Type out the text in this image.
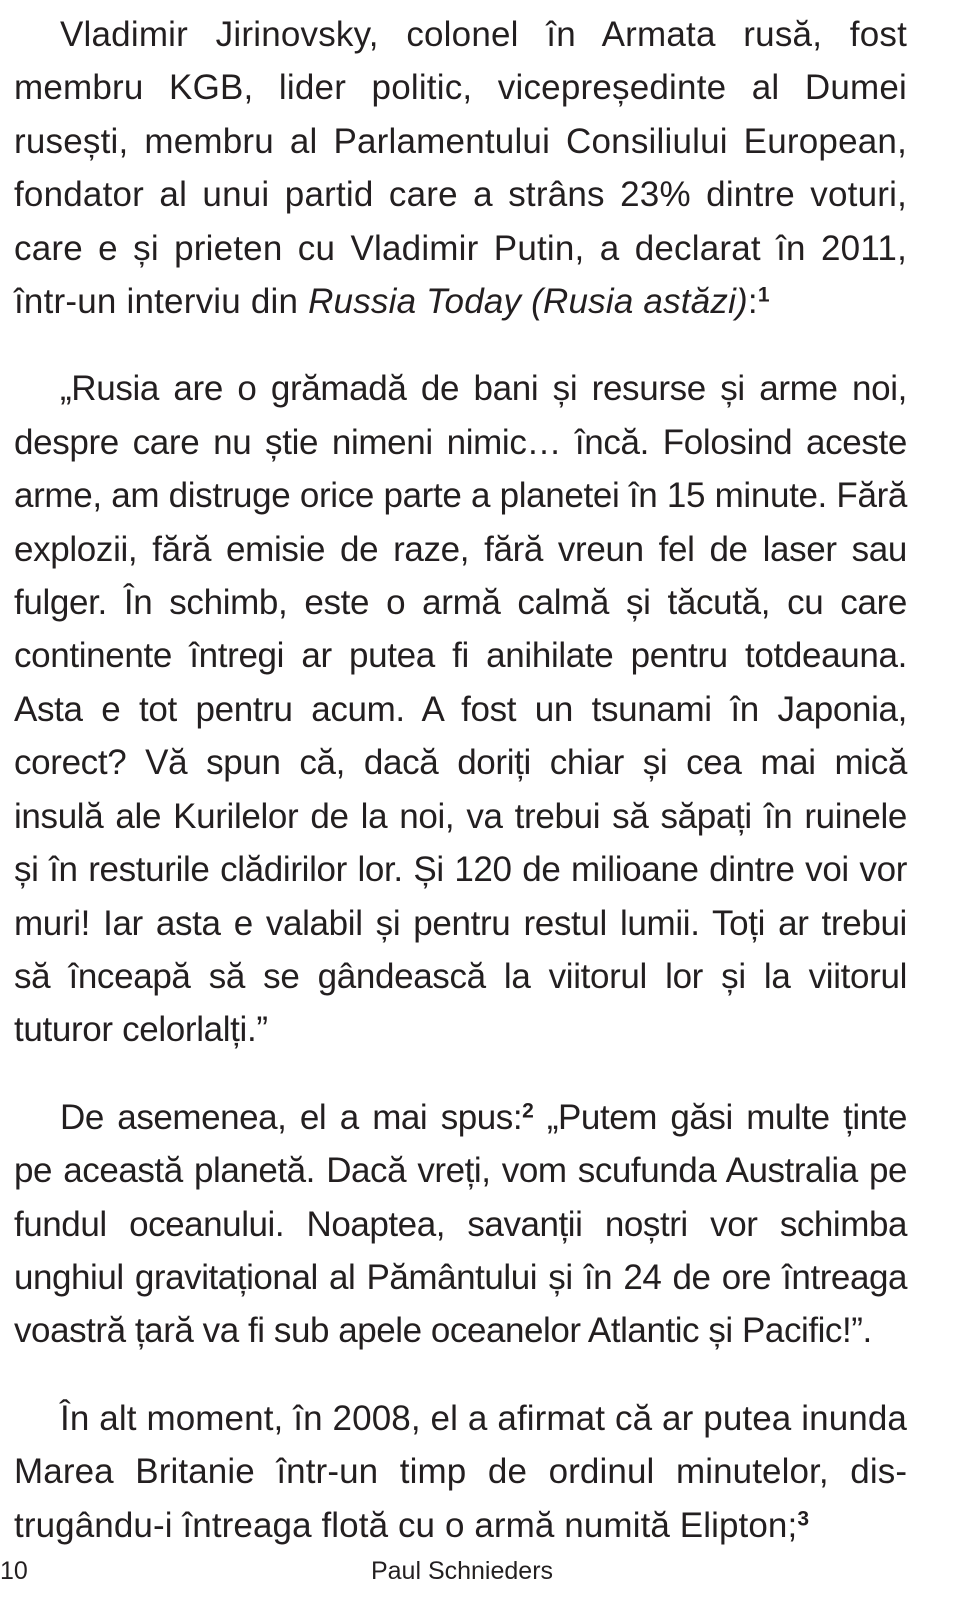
Vladimir Jirinovsky, colonel în Armata rusă, fost membru KGB, lider politic, vicepreședinte al Dumei rusești, membru al Parlamentului Consiliului European, fondator al unui partid care a strâns 23% dintre voturi, care e și prieten cu Vladimir Putin, a declarat în 2011, într-un interviu din Russia Today (Rusia astăzi):$^1$

„Rusia are o grămadă de bani și resurse și arme noi, despre care nu știe nimeni nimic… încă. Folosind aceste arme, am distruge orice parte a planetei în 15 minute. Fără explozii, fără emisie de raze, fără vreun fel de laser sau fulger. În schimb, este o armă calmă și tăcută, cu care continente întregi ar putea fi anihilate pentru totdeauna. Asta e tot pentru acum. A fost un tsunami în Japonia, corect? Vă spun că, dacă doriți chiar și cea mai mică insulă ale Kurilelor de la noi, va trebui să săpați în ruinele și în resturile clădirilor lor. Și 120 de milioane dintre voi vor muri! Iar asta e valabil și pentru restul lumii. Toți ar trebui să înceapă să se gândească la viitorul lor și la viitorul tuturor celorlalți.”

De asemenea, el a mai spus:$^2$ „Putem găsi multe ținte pe această planetă. Dacă vreți, vom scufunda Australia pe fundul oceanului. Noaptea, savanții noștri vor schimba unghiul gravitațional al Pământului și în 24 de ore întreaga voastră țară va fi sub apele oceanelor Atlantic și Pacific!”.

În alt moment, în 2008, el a afirmat că ar putea inunda Marea Britanie într-un timp de ordinul minutelor, distrugându-i întreaga flotă cu o armă numită Elipton;$^3$

10	Paul Schnieders
